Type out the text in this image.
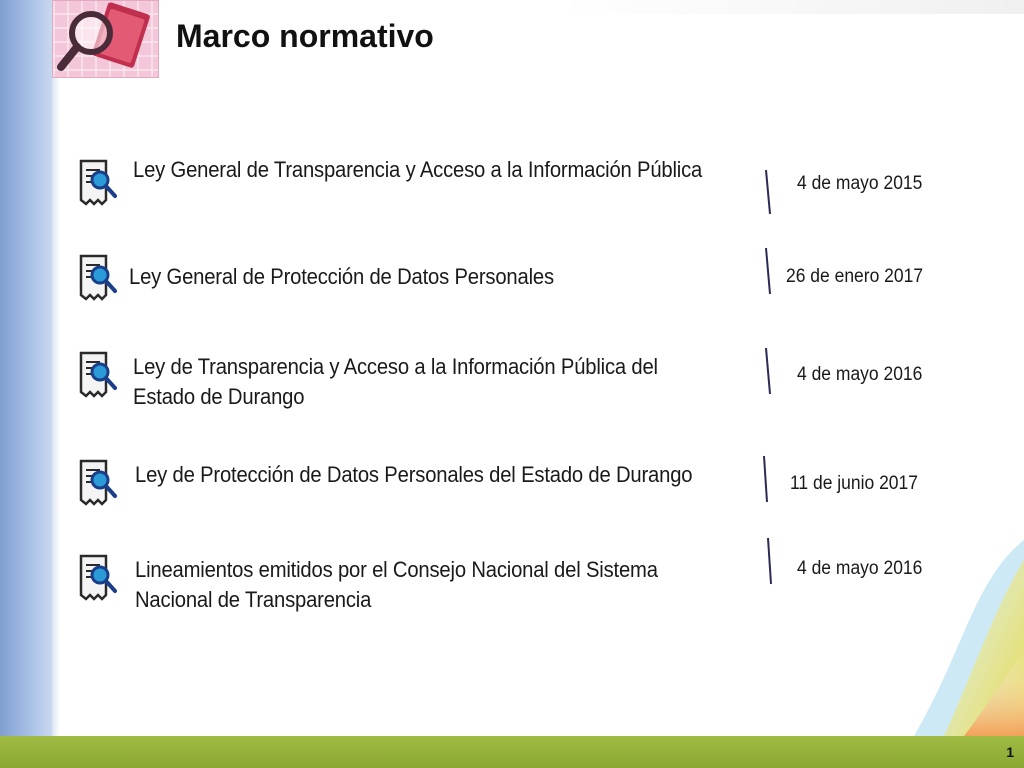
Marco normativo
Ley General de Transparencia y Acceso a la Información Pública
4 de mayo 2015
Ley General de Protección de Datos Personales	26 de enero 2017
Ley de Transparencia y Acceso a la Información Pública del Estado de Durango
4 de mayo 2016
Ley de Protección de Datos Personales del Estado de Durango	11 de junio 2017
Lineamientos emitidos por el Consejo Nacional del Sistema Nacional de Transparencia
4 de mayo 2016
1
